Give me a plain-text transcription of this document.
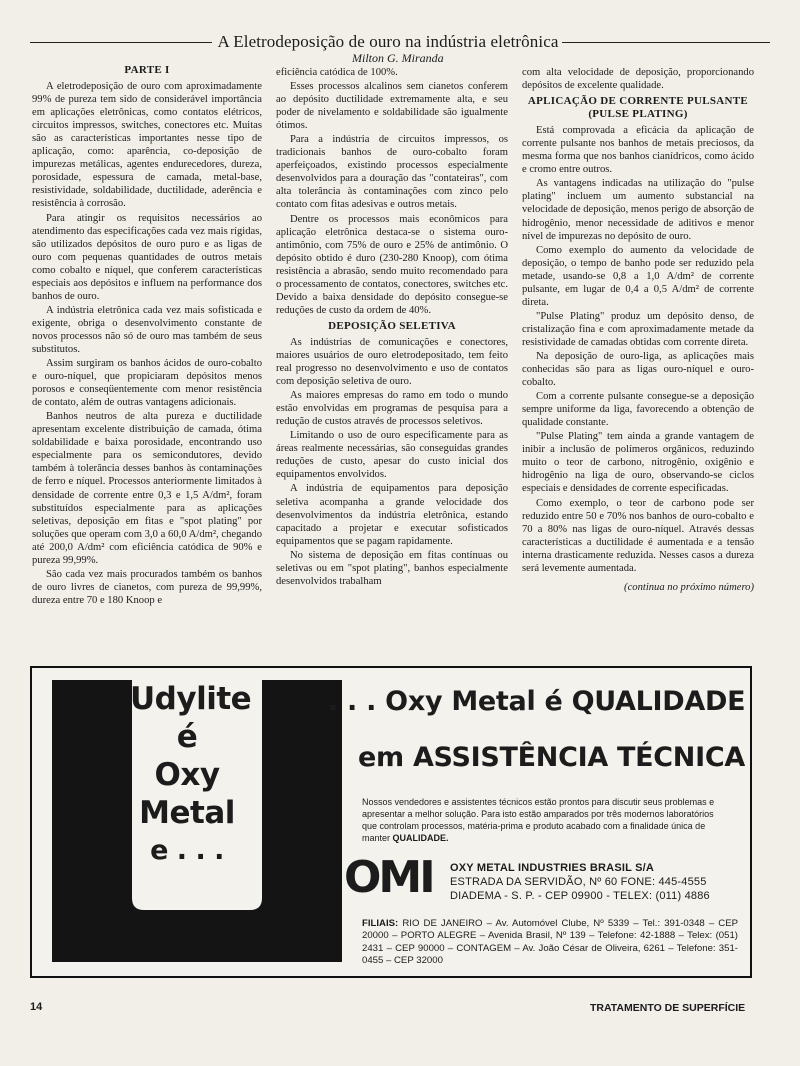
A Eletrodeposição de ouro na indústria eletrônica
Milton G. Miranda
PARTE I

A eletrodeposição de ouro com aproximadamente 99% de pureza tem sido de considerável importância em aplicações eletrônicas, como contatos elétricos, circuitos impressos, switches, conectores etc. Muitas são as características importantes nesse tipo de aplicação, como: aparência, co-deposição de impurezas metálicas, agentes endurecedores, dureza, porosidade, espessura de camada, metal-base, resistividade, soldabilidade, ductilidade, aderência e resistência à corrosão.

Para atingir os requisitos necessários ao atendimento das especificações cada vez mais rígidas, são utilizados depósitos de ouro puro e as ligas de ouro com pequenas quantidades de outros metais como cobalto e níquel, que conferem características especiais aos depósitos e influem na performance dos banhos de ouro.

A indústria eletrônica cada vez mais sofisticada e exigente, obriga o desenvolvimento constante de novos processos não só de ouro mas também de seus substitutos.

Assim surgiram os banhos ácidos de ouro-cobalto e ouro-níquel, que propiciaram depósitos menos porosos e conseqüentemente com menor resistência de contato, além de outras vantagens adicionais.

Banhos neutros de alta pureza e ductilidade apresentam excelente distribuição de camada, ótima soldabilidade e baixa porosidade, encontrando uso especialmente para os semicondutores, devido também à tolerância desses banhos às contaminações de ferro e níquel. Processos anteriormente limitados à densidade de corrente entre 0,3 e 1,5 A/dm², foram substituídos especialmente para as aplicações seletivas, deposição em fitas e "spot plating" por soluções que operam com 3,0 a 60,0 A/dm², chegando até 200,0 A/dm² com eficiência catódica de 90% e pureza 99,99%.

São cada vez mais procurados também os banhos de ouro livres de cianetos, com pureza de 99,99%, dureza entre 70 e 180 Knoop e

eficiência catódica de 100%.

Esses processos alcalinos sem cianetos conferem ao depósito ductilidade extremamente alta, e seu poder de nivelamento e soldabilidade são igualmente ótimos.

Para a indústria de circuitos impressos, os tradicionais banhos de ouro-cobalto foram aperfeiçoados, existindo processos especialmente desenvolvidos para a douração das "contateiras", com alta tolerância às contaminações com zinco pelo contato com fitas adesivas e outros metais.

Dentre os processos mais econômicos para aplicação eletrônica destaca-se o sistema ouro-antimônio, com 75% de ouro e 25% de antimônio. O depósito obtido é duro (230-280 Knoop), com ótima resistência a abrasão, sendo muito recomendado para o processamento de contatos, conectores, switches etc. Devido a baixa densidade do depósito consegue-se reduções de custo da ordem de 40%.

DEPOSIÇÃO SELETIVA

As indústrias de comunicações e conectores, maiores usuários de ouro eletrodepositado, tem feito real progresso no desenvolvimento e uso de contatos com deposição seletiva de ouro.

As maiores empresas do ramo em todo o mundo estão envolvidas em programas de pesquisa para a redução de custos através de processos seletivos.

Limitando o uso de ouro especificamente para as áreas realmente necessárias, são conseguidas grandes reduções de custo, apesar do custo inicial dos equipamentos envolvidos.

A indústria de equipamentos para deposição seletiva acompanha a grande velocidade dos desenvolvimentos da indústria eletrônica, estando capacitado a projetar e executar sofisticados equipamentos que se pagam rapidamente.

No sistema de deposição em fitas contínuas ou seletivas ou em "spot plating", banhos especialmente desenvolvidos trabalham

com alta velocidade de deposição, proporcionando depósitos de excelente qualidade.

APLICAÇÃO DE CORRENTE PULSANTE (PULSE PLATING)

Está comprovada a eficácia da aplicação de corrente pulsante nos banhos de metais preciosos, da mesma forma que nos banhos cianídricos, como ácido e cromo entre outros.

As vantagens indicadas na utilização do "pulse plating" incluem um aumento substancial na velocidade de deposição, menos perigo de absorção de hidrogênio, menor necessidade de aditivos e menor nível de impurezas no depósito de ouro.

Como exemplo do aumento da velocidade de deposição, o tempo de banho pode ser reduzido pela metade, usando-se 0,8 a 1,0 A/dm² de corrente pulsante, em lugar de 0,4 a 0,5 A/dm² de corrente direta.

"Pulse Plating" produz um depósito denso, de cristalização fina e com aproximadamente metade da resistividade de camadas obtidas com corrente direta.

Na deposição de ouro-liga, as aplicações mais conhecidas são para as ligas ouro-níquel e ouro-cobalto.

Com a corrente pulsante consegue-se a deposição sempre uniforme da liga, favorecendo a obtenção de qualidade constante.

"Pulse Plating" tem ainda a grande vantagem de inibir a inclusão de polímeros orgânicos, reduzindo muito o teor de carbono, nitrogênio, oxigênio e hidrogênio na liga de ouro, observando-se ciclos especiais e densidades de corrente especificadas.

Como exemplo, o teor de carbono pode ser reduzido entre 50 e 70% nos banhos de ouro-cobalto e 70 a 80% nas ligas de ouro-níquel. Através dessas características a ductilidade é aumentada e a tensão interna drasticamente reduzida. Nesses casos a dureza será levemente aumentada.

(continua no próximo número)
Udylite
é
Oxy
Metal
e . . .
. . . Oxy Metal é QUALIDADE
em ASSISTÊNCIA TÉCNICA
Nossos vendedores e assistentes técnicos estão prontos para discutir seus problemas e apresentar a melhor solução. Para isto estão amparados por três modernos laboratórios que controlam processos, matéria-prima e produto acabado com a finalidade única de manter QUALIDADE.
OMI OXY METAL INDUSTRIES BRASIL S/A
ESTRADA DA SERVIDÃO, Nº 60 FONE: 445-4555
DIADEMA - S. P. - CEP 09900 - TELEX: (011) 4886
FILIAIS: RIO DE JANEIRO – Av. Automóvel Clube, Nº 5339 – Tel.: 391-0348 – CEP 20000 – PORTO ALEGRE – Avenida Brasil, Nº 139 – Telefone: 42-1888 – Telex: (051) 2431 – CEP 90000 – CONTAGEM – Av. João César de Oliveira, 6261 – Telefone: 351-0455 – CEP 32000
14	TRATAMENTO DE SUPERFÍCIE
